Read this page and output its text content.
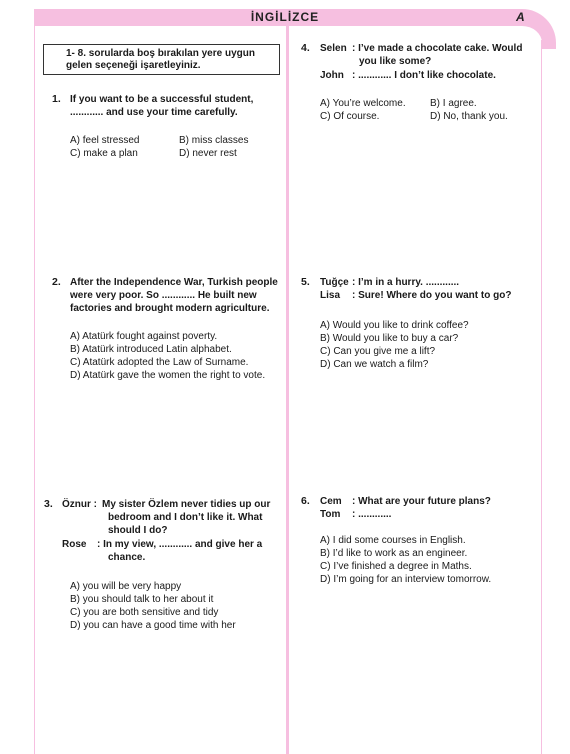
İNGİLİZCE	A
1- 8. sorularda boş bırakılan yere uygun gelen seçeneği işaretleyiniz.
1. If you want to be a successful student,
............ and use your time carefully.
A) feel stressed	B) miss classes
C) make a plan	D) never rest
2. After the Independence War, Turkish people
were very poor. So ............ He built new
factories and brought modern agriculture.
A) Atatürk fought against poverty.
B) Atatürk introduced Latin alphabet.
C) Atatürk adopted the Law of Surname.
D) Atatürk gave the women the right to vote.
3. Öznur : My sister Özlem never tidies up our
bedroom and I don’t like it. What
should I do?
Rose : In my view, ............ and give her a
chance.
A) you will be very happy
B) you should talk to her about it
C) you are both sensitive and tidy
D) you can have a good time with her
4. Selen : I’ve made a chocolate cake. Would
you like some?
John : ............ I don’t like chocolate.
A) You’re welcome. B) I agree.
C) Of course.	D) No, thank you.
5. Tuğçe : I’m in a hurry. ............
Lisa : Sure! Where do you want to go?
A) Would you like to drink coffee?
B) Would you like to buy a car?
C) Can you give me a lift?
D) Can we watch a film?
6. Cem : What are your future plans?
Tom : ............
A) I did some courses in English.
B) I’d like to work as an engineer.
C) I’ve finished a degree in Maths.
D) I’m going for an interview tomorrow.
